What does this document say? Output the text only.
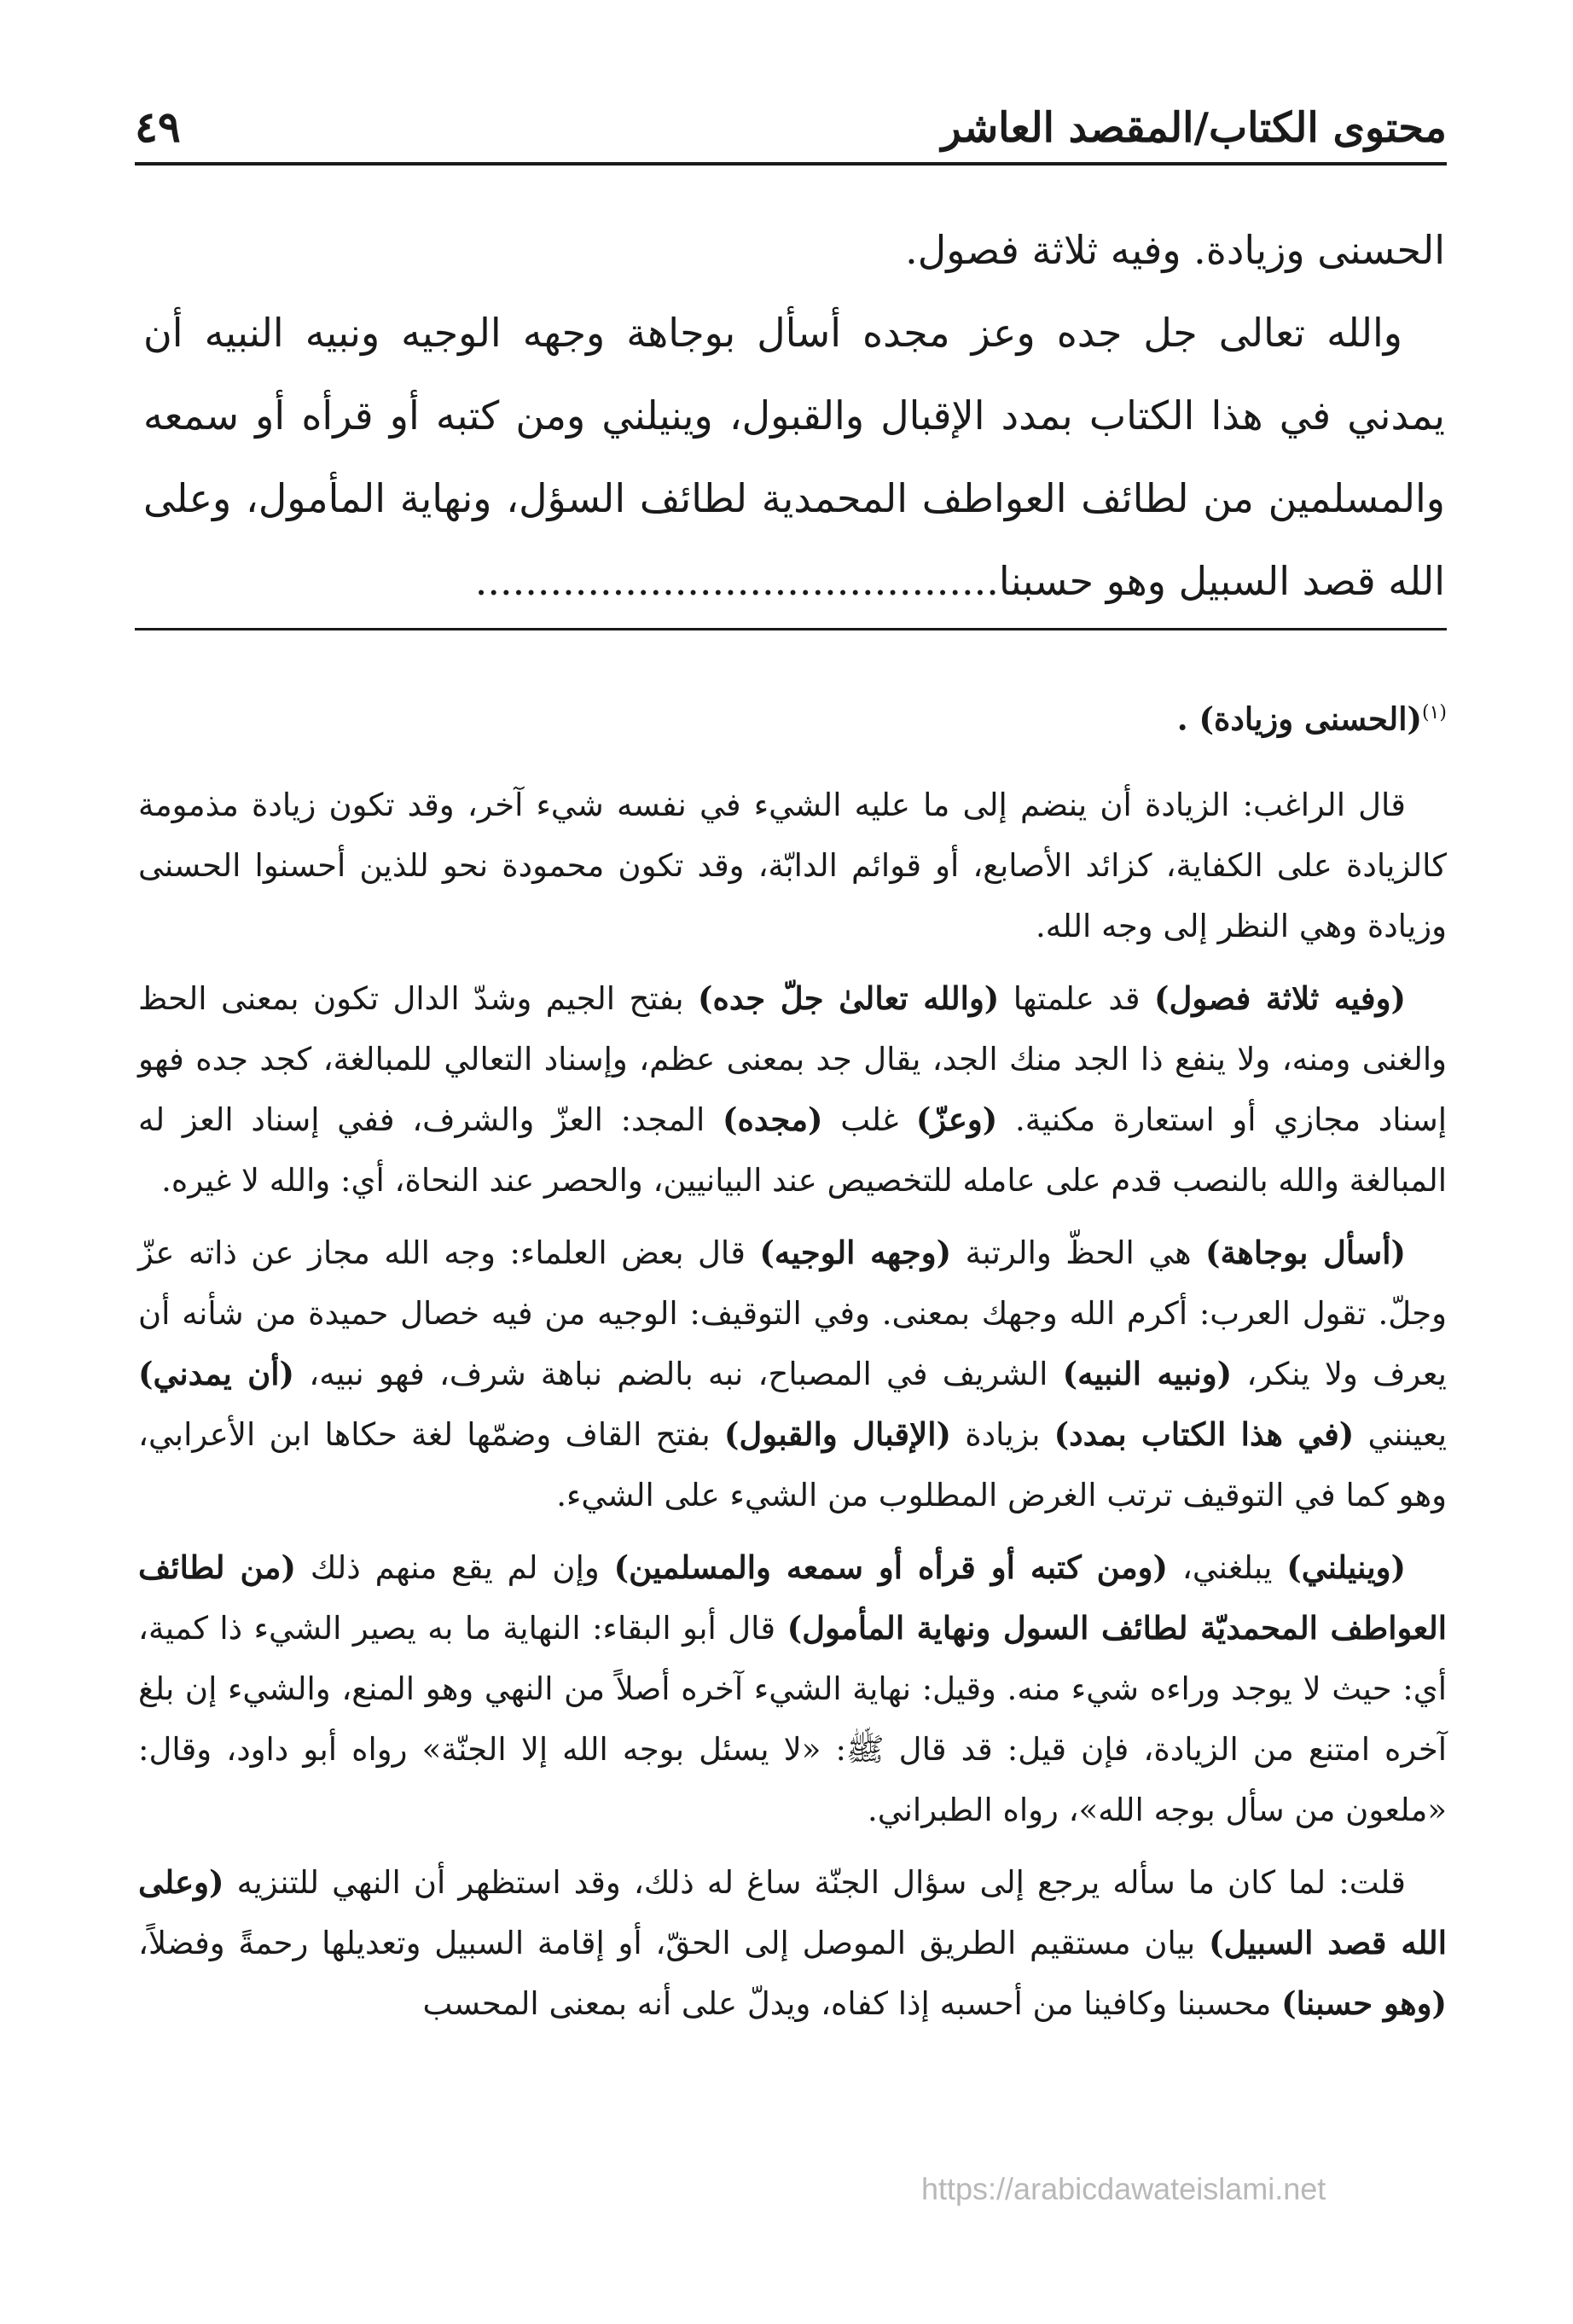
محتوى الكتاب/المقصد العاشر
٤٩

الحسنى وزيادة. وفيه ثلاثة فصول.

والله تعالى جل جده وعز مجده أسأل بوجاهة وجهه الوجيه ونبيه النبيه أن يمدني في هذا الكتاب بمدد الإقبال والقبول، وينيلني ومن كتبه أو قرأه أو سمعه والمسلمين من لطائف العواطف المحمدية لطائف السؤل، ونهاية المأمول، وعلى الله قصد السبيل وهو حسبنا..........................................

$^{(١)}$(الحسنى وزيادة) .

قال الراغب: الزيادة أن ينضم إلى ما عليه الشيء في نفسه شيء آخر، وقد تكون زيادة مذمومة كالزيادة على الكفاية، كزائد الأصابع، أو قوائم الدابّة، وقد تكون محمودة نحو للذين أحسنوا الحسنى وزيادة وهي النظر إلى وجه الله.

(وفيه ثلاثة فصول) قد علمتها (والله تعالىٰ جلّ جده) بفتح الجيم وشدّ الدال تكون بمعنى الحظ والغنى ومنه، ولا ينفع ذا الجد منك الجد، يقال جد بمعنى عظم، وإسناد التعالي للمبالغة، كجد جده فهو إسناد مجازي أو استعارة مكنية. (وعزّ) غلب (مجده) المجد: العزّ والشرف، ففي إسناد العز له المبالغة والله بالنصب قدم على عامله للتخصيص عند البيانيين، والحصر عند النحاة، أي: والله لا غيره.

(أسأل بوجاهة) هي الحظّ والرتبة (وجهه الوجيه) قال بعض العلماء: وجه الله مجاز عن ذاته عزّ وجلّ. تقول العرب: أكرم الله وجهك بمعنى. وفي التوقيف: الوجيه من فيه خصال حميدة من شأنه أن يعرف ولا ينكر، (ونبيه النبيه) الشريف في المصباح، نبه بالضم نباهة شرف، فهو نبيه، (أن يمدني) يعينني (في هذا الكتاب بمدد) بزيادة (الإقبال والقبول) بفتح القاف وضمّها لغة حكاها ابن الأعرابي، وهو كما في التوقيف ترتب الغرض المطلوب من الشيء على الشيء.

(وينيلني) يبلغني، (ومن كتبه أو قرأه أو سمعه والمسلمين) وإن لم يقع منهم ذلك (من لطائف العواطف المحمديّة لطائف السول ونهاية المأمول) قال أبو البقاء: النهاية ما به يصير الشيء ذا كمية، أي: حيث لا يوجد وراءه شيء منه. وقيل: نهاية الشيء آخره أصلاً من النهي وهو المنع، والشيء إن بلغ آخره امتنع من الزيادة، فإن قيل: قد قال ﷺ: «لا يسئل بوجه الله إلا الجنّة» رواه أبو داود، وقال: «ملعون من سأل بوجه الله»، رواه الطبراني.

قلت: لما كان ما سأله يرجع إلى سؤال الجنّة ساغ له ذلك، وقد استظهر أن النهي للتنزيه (وعلى الله قصد السبيل) بيان مستقيم الطريق الموصل إلى الحقّ، أو إقامة السبيل وتعديلها رحمةً وفضلاً، (وهو حسبنا) محسبنا وكافينا من أحسبه إذا كفاه، ويدلّ على أنه بمعنى المحسب

https://arabicdawateislami.net
